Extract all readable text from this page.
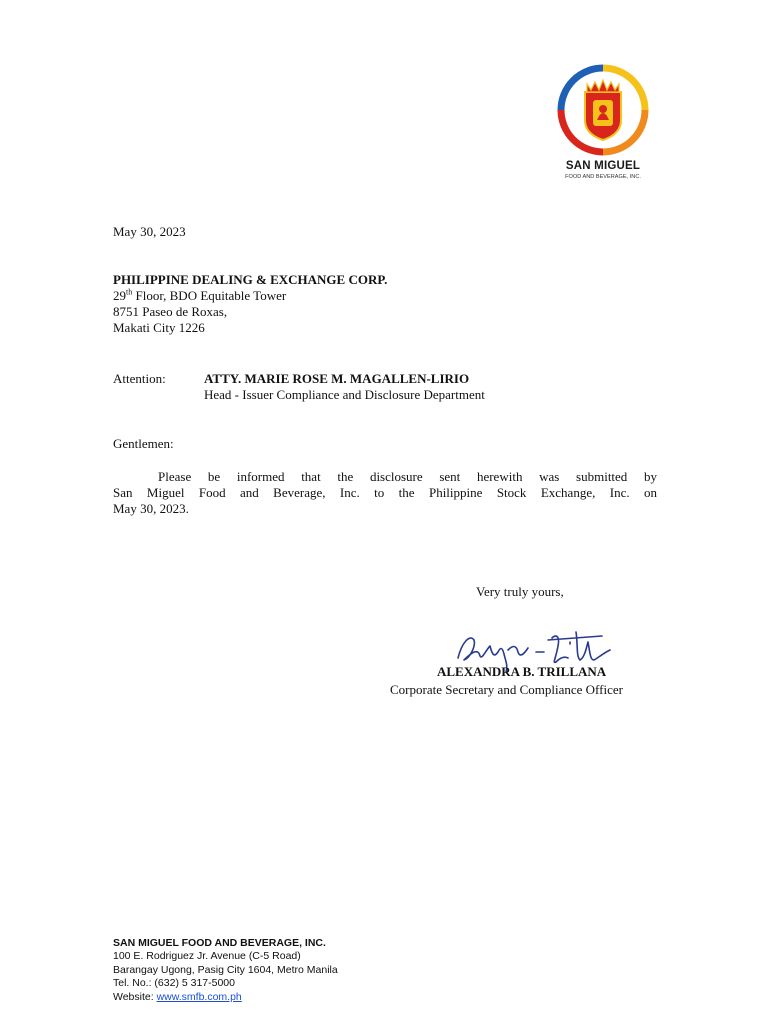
SAN MIGUEL
FOOD AND BEVERAGE, INC.
May 30, 2023
PHILIPPINE DEALING & EXCHANGE CORP.
29th Floor, BDO Equitable Tower
8751 Paseo de Roxas,
Makati City 1226
Attention:	ATTY. MARIE ROSE M. MAGALLEN-LIRIO
Head - Issuer Compliance and Disclosure Department
Gentlemen:
Please be informed that the disclosure sent herewith was submitted by
San Miguel Food and Beverage, Inc. to the Philippine Stock Exchange, Inc. on
May 30, 2023.
Very truly yours,
ALEXANDRA B. TRILLANA
Corporate Secretary and Compliance Officer
SAN MIGUEL FOOD AND BEVERAGE, INC.
100 E. Rodriguez Jr. Avenue (C-5 Road)
Barangay Ugong, Pasig City 1604, Metro Manila
Tel. No.: (632) 5 317-5000
Website: www.smfb.com.ph
